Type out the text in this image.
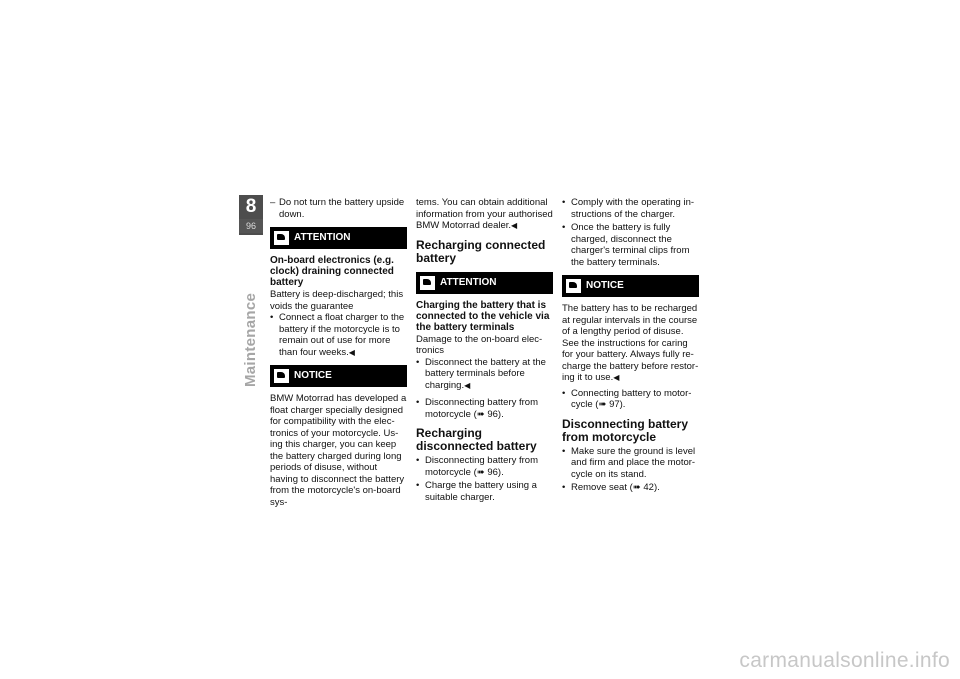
8
96
Maintenance
– Do not turn the battery upside down.
ATTENTION

On-board electronics (e.g. clock) draining connected battery

Battery is deep-discharged; this voids the guarantee

• Connect a float charger to the battery if the motorcycle is to remain out of use for more than four weeks.◀
NOTICE

BMW Motorrad has developed a float charger specially designed for compatibility with the elec-tronics of your motorcycle. Us-ing this charger, you can keep the battery charged during long periods of disuse, without having to disconnect the battery from the motorcycle's on-board sys-

tems. You can obtain additional information from your authorised BMW Motorrad dealer.◀

Recharging connected battery

ATTENTION

Charging the battery that is connected to the vehicle via the battery terminals

Damage to the on-board elec-tronics

• Disconnect the battery at the battery terminals before charging.◀
• Disconnecting battery from motorcycle (➠ 96).

Recharging disconnected battery

• Disconnecting battery from motorcycle (➠ 96).
• Charge the battery using a suitable charger.
• Comply with the operating in-structions of the charger.
• Once the battery is fully charged, disconnect the charger's terminal clips from the battery terminals.
NOTICE

The battery has to be recharged at regular intervals in the course of a lengthy period of disuse. See the instructions for caring for your battery. Always fully re-charge the battery before restor-ing it to use.◀

• Connecting battery to motor-cycle (➠ 97).

Disconnecting battery from motorcycle

• Make sure the ground is level and firm and place the motor-cycle on its stand.
• Remove seat (➠ 42).
carmanualsonline.info
